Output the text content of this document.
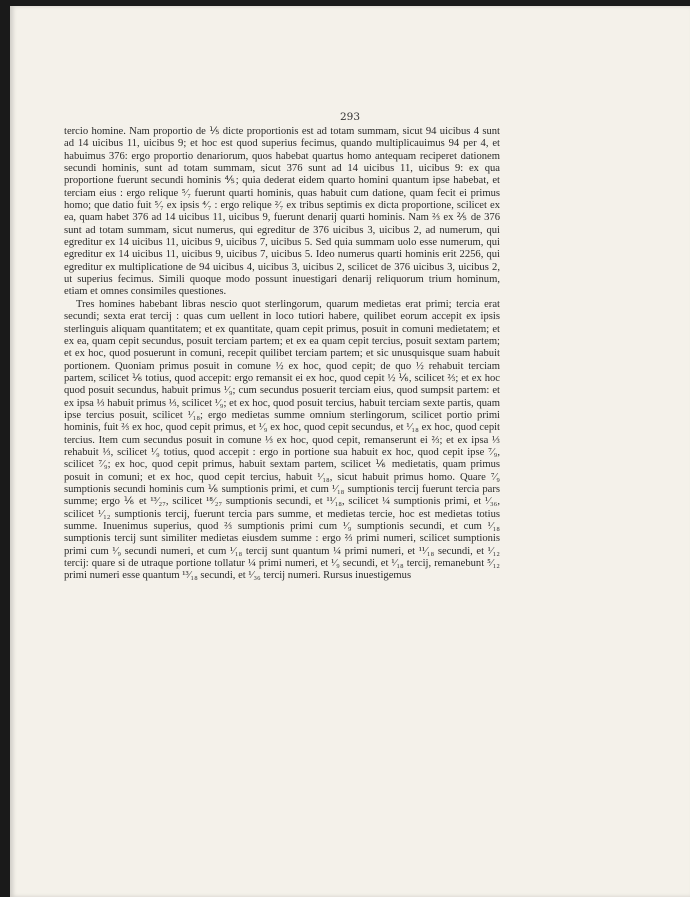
293

tercio homine. Nam proportio de ⅕ dicte proportionis est ad totam summam, sicut 94 uicibus 4 sunt ad 14 uicibus 11, uicibus 9; et hoc est quod superius fecimus, quando multiplicauimus 94 per 4, et habuimus 376: ergo proportio denariorum, quos habebat quartus homo antequam reciperet dationem secundi hominis, sunt ad totam summam, sicut 376 sunt ad 14 uicibus 11, uicibus 9: ex qua proportione fuerunt secundi hominis ⅘; quia dederat eidem quarto homini quantum ipse habebat, et terciam eius : ergo relique ⁵⁄₇ fuerunt quarti hominis, quas habuit cum datione, quam fecit ei primus homo; que datio fuit ⁵⁄₇ ex ipsis ⁴⁄₇ : ergo relique ²⁄₇ ex tribus septimis ex dicta proportione, scilicet ex ea, quam habet 376 ad 14 uicibus 11, uicibus 9, fuerunt denarij quarti hominis. Nam ⅔ ex ⅖ de 376 sunt ad totam summam, sicut numerus, qui egreditur de 376 uicibus 3, uicibus 2, ad numerum, qui egreditur ex 14 uicibus 11, uicibus 9, uicibus 7, uicibus 5. Sed quia summam uolo esse numerum, qui egreditur ex 14 uicibus 11, uicibus 9, uicibus 7, uicibus 5. Ideo numerus quarti hominis erit 2256, qui egreditur ex multiplicatione de 94 uicibus 4, uicibus 3, uicibus 2, scilicet de 376 uicibus 3, uicibus 2, ut superius fecimus. Simili quoque modo possunt inuestigari denarij reliquorum trium hominum, etiam et omnes consimiles questiones.

Tres homines habebant libras nescio quot sterlingorum, quarum medietas erat primi; tercia erat secundi; sexta erat tercij : quas cum uellent in loco tutiori habere, quilibet eorum accepit ex ipsis sterlinguis aliquam quantitatem; et ex quantitate, quam cepit primus, posuit in comuni medietatem; et ex ea, quam cepit secundus, posuit terciam partem; et ex ea quam cepit tercius, posuit sextam partem; et ex hoc, quod posuerunt in comuni, recepit quilibet terciam partem; et sic unusquisque suam habuit portionem. Quoniam primus posuit in comune ½ ex hoc, quod cepit; de quo ½ rehabuit terciam partem, scilicet ⅙ totius, quod accepit: ergo remansit ei ex hoc, quod cepit ½ ⅙, scilicet ⅔; et ex hoc quod posuit secundus, habuit primus ¹⁄₉; cum secundus posuerit terciam eius, quod sumpsit partem: et ex ipsa ⅓ habuit primus ⅓, scilicet ¹⁄₉; et ex hoc, quod posuit tercius, habuit terciam sexte partis, quam ipse tercius posuit, scilicet ¹⁄₁₈; ergo medietas summe omnium sterlingorum, scilicet portio primi hominis, fuit ⅔ ex hoc, quod cepit primus, et ¹⁄₉ ex hoc, quod cepit secundus, et ¹⁄₁₈ ex hoc, quod cepit tercius. Item cum secundus posuit in comune ⅓ ex hoc, quod cepit, remanserunt ei ⅔; et ex ipsa ⅓ rehabuit ⅓, scilicet ¹⁄₉ totius, quod accepit : ergo in portione sua habuit ex hoc, quod cepit ipse ⁷⁄₉, scilicet ⁷⁄₉; ex hoc, quod cepit primus, habuit sextam partem, scilicet ⅙ medietatis, quam primus posuit in comuni; et ex hoc, quod cepit tercius, habuit ¹⁄₁₈, sicut habuit primus homo. Quare ⁷⁄₉ sumptionis secundi hominis cum ⅙ sumptionis primi, et cum ¹⁄₁₈ sumptionis tercij fuerunt tercia pars summe; ergo ⅙ et ¹³⁄₂₇, scilicet ¹⁸⁄₂₇ sumptionis secundi, et ¹¹⁄₁₈, scilicet ¼ sumptionis primi, et ¹⁄₃₆, scilicet ¹⁄₁₂ sumptionis tercij, fuerunt tercia pars summe, et medietas tercie, hoc est medietas totius summe. Inuenimus superius, quod ⅔ sumptionis primi cum ¹⁄₉ sumptionis secundi, et cum ¹⁄₁₈ sumptionis tercij sunt similiter medietas eiusdem summe : ergo ⅔ primi numeri, scilicet sumptionis primi cum ¹⁄₉ secundi numeri, et cum ¹⁄₁₈ tercij sunt quantum ¼ primi numeri, et ¹¹⁄₁₈ secundi, et ¹⁄₁₂ tercij: quare si de utraque portione tollatur ¼ primi numeri, et ¹⁄₉ secundi, et ¹⁄₁₈ tercij, remanebunt ⁵⁄₁₂ primi numeri esse quantum ¹³⁄₁₈ secundi, et ¹⁄₃₆ tercij numeri. Rursus inuestigemus
